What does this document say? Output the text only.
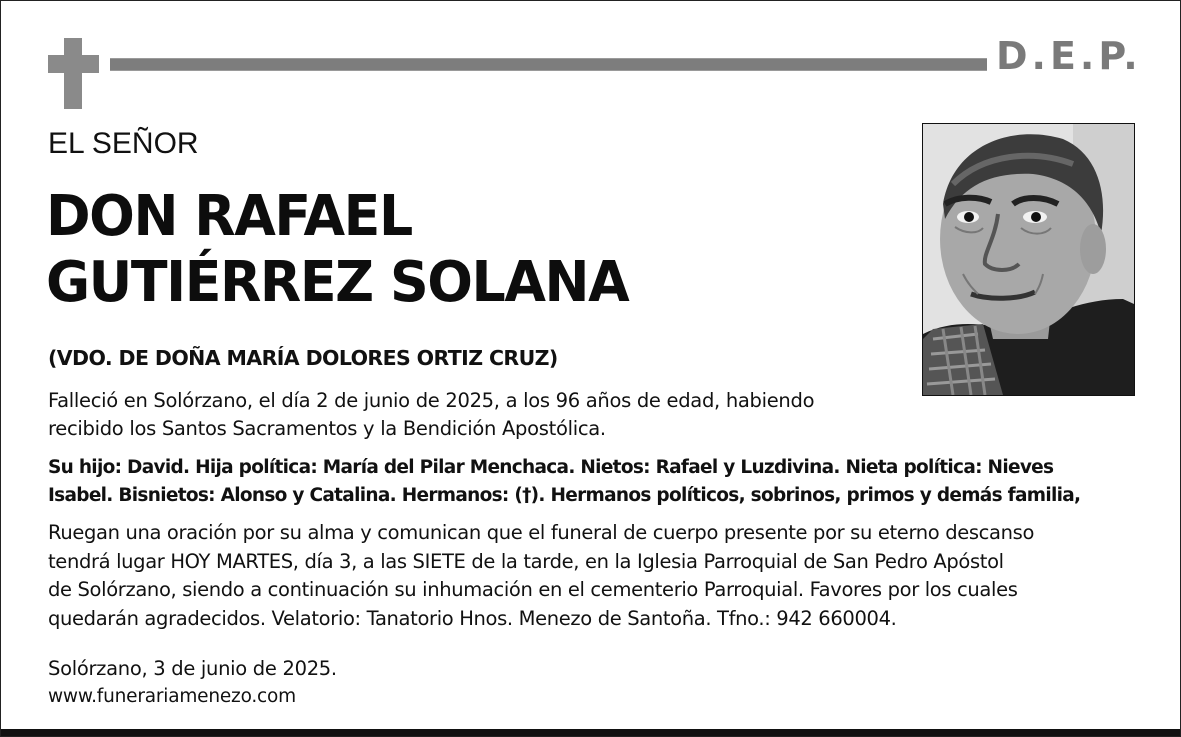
D.E.P.
EL SEÑOR
DON RAFAEL
GUTIÉRREZ SOLANA
(VDO. DE DOÑA MARÍA DOLORES ORTIZ CRUZ)
Falleció en Solórzano, el día 2 de junio de 2025, a los 96 años de edad, habiendo
recibido los Santos Sacramentos y la Bendición Apostólica.
Su hijo: David. Hija política: María del Pilar Menchaca. Nietos: Rafael y Luzdivina. Nieta política: Nieves
Isabel. Bisnietos: Alonso y Catalina. Hermanos: (†). Hermanos políticos, sobrinos, primos y demás familia,
Ruegan una oración por su alma y comunican que el funeral de cuerpo presente por su eterno descanso
tendrá lugar HOY MARTES, día 3, a las SIETE de la tarde, en la Iglesia Parroquial de San Pedro Apóstol
de Solórzano, siendo a continuación su inhumación en el cementerio Parroquial. Favores por los cuales
quedarán agradecidos. Velatorio: Tanatorio Hnos. Menezo de Santoña. Tfno.: 942 660004.
Solórzano, 3 de junio de 2025.
www.funerariamenezo.com
